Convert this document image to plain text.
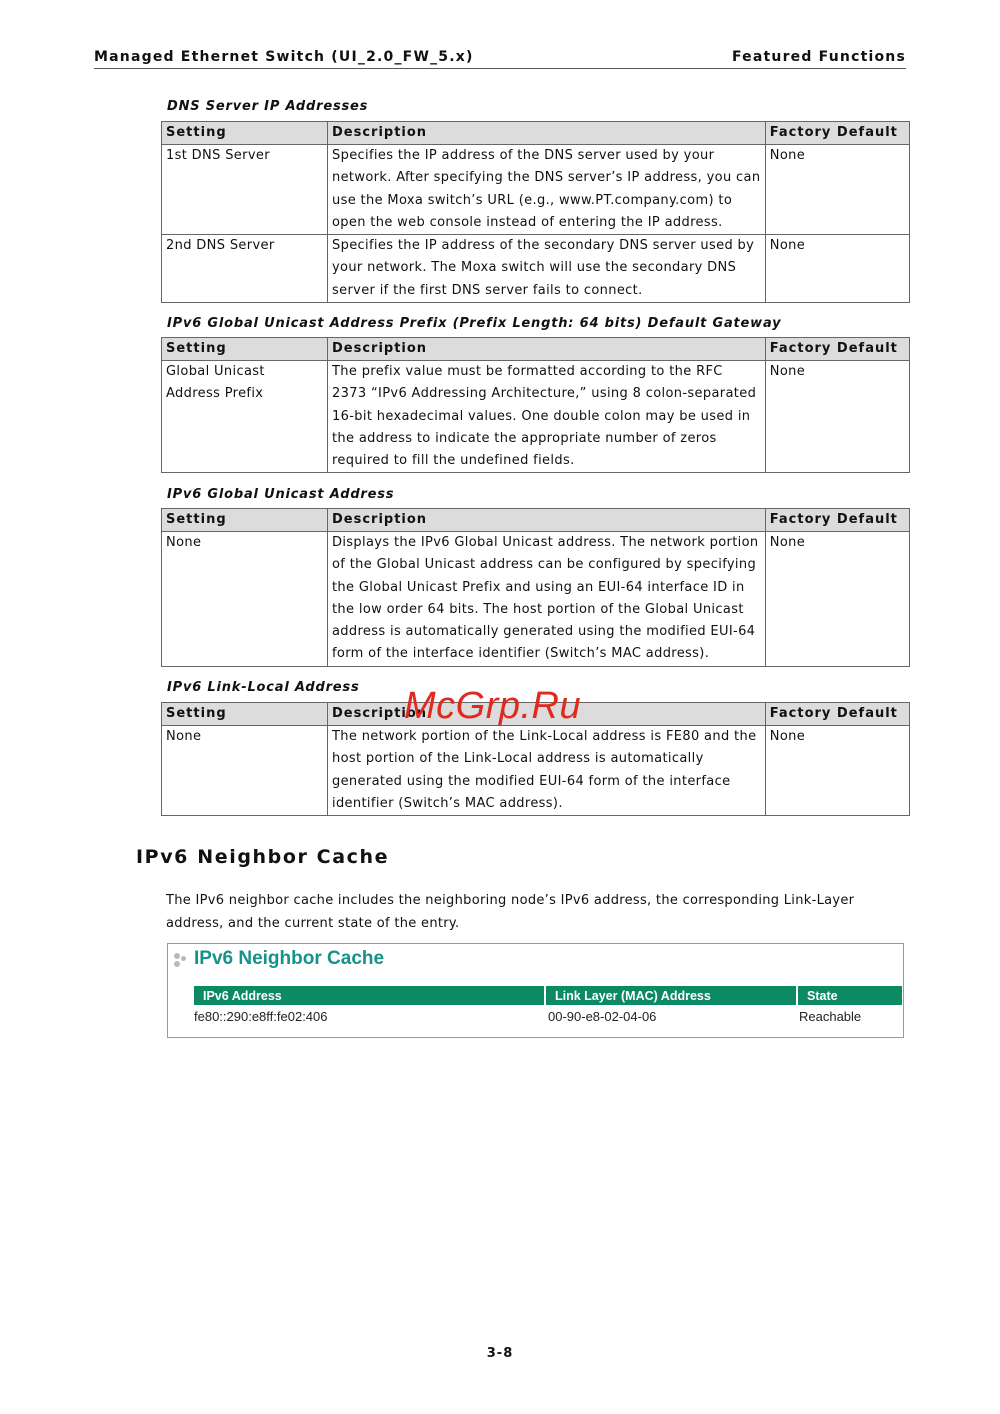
Managed Ethernet Switch (UI_2.0_FW_5.x)	Featured Functions
DNS Server IP Addresses
Setting	Description	Factory Default
1st DNS Server	Specifies the IP address of the DNS server used by your network. After specifying the DNS server’s IP address, you can use the Moxa switch’s URL (e.g., www.PT.company.com) to open the web console instead of entering the IP address.	None
2nd DNS Server	Specifies the IP address of the secondary DNS server used by your network. The Moxa switch will use the secondary DNS server if the first DNS server fails to connect.	None
IPv6 Global Unicast Address Prefix (Prefix Length: 64 bits) Default Gateway
Setting	Description	Factory Default
Global Unicast Address Prefix	The prefix value must be formatted according to the RFC 2373 “IPv6 Addressing Architecture,” using 8 colon-separated 16-bit hexadecimal values. One double colon may be used in the address to indicate the appropriate number of zeros required to fill the undefined fields.	None
IPv6 Global Unicast Address
Setting	Description	Factory Default
None	Displays the IPv6 Global Unicast address. The network portion of the Global Unicast address can be configured by specifying the Global Unicast Prefix and using an EUI-64 interface ID in the low order 64 bits. The host portion of the Global Unicast address is automatically generated using the modified EUI-64 form of the interface identifier (Switch’s MAC address).	None
IPv6 Link-Local Address
Setting	Description	Factory Default
None	The network portion of the Link-Local address is FE80 and the host portion of the Link-Local address is automatically generated using the modified EUI-64 form of the interface identifier (Switch’s MAC address).	None
McGrp.Ru
IPv6 Neighbor Cache
The IPv6 neighbor cache includes the neighboring node’s IPv6 address, the corresponding Link-Layer address, and the current state of the entry.
IPv6 Neighbor Cache
IPv6 Address	Link Layer (MAC) Address	State
fe80::290:e8ff:fe02:406	00-90-e8-02-04-06	Reachable
3-8
